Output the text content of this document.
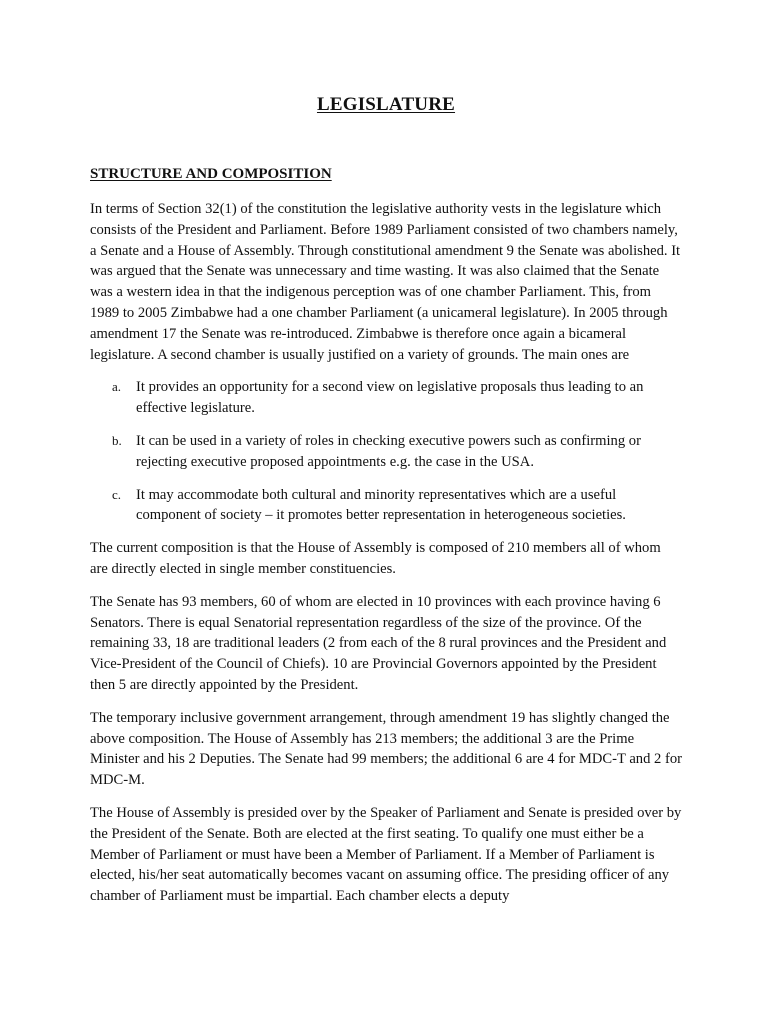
LEGISLATURE
STRUCTURE AND COMPOSITION

In terms of Section 32(1) of the constitution the legislative authority vests in the legislature which consists of the President and Parliament. Before 1989 Parliament consisted of two chambers namely, a Senate and a House of Assembly. Through constitutional amendment 9 the Senate was abolished. It was argued that the Senate was unnecessary and time wasting. It was also claimed that the Senate was a western idea in that the indigenous perception was of one chamber Parliament. This, from 1989 to 2005 Zimbabwe had a one chamber Parliament (a unicameral legislature). In 2005 through amendment 17 the Senate was re-introduced. Zimbabwe is therefore once again a bicameral legislature. A second chamber is usually justified on a variety of grounds. The main ones are

a. It provides an opportunity for a second view on legislative proposals thus leading to an effective legislature.
b. It can be used in a variety of roles in checking executive powers such as confirming or rejecting executive proposed appointments e.g. the case in the USA.
c. It may accommodate both cultural and minority representatives which are a useful component of society – it promotes better representation in heterogeneous societies.

The current composition is that the House of Assembly is composed of 210 members all of whom are directly elected in single member constituencies.

The Senate has 93 members, 60 of whom are elected in 10 provinces with each province having 6 Senators. There is equal Senatorial representation regardless of the size of the province. Of the remaining 33, 18 are traditional leaders (2 from each of the 8 rural provinces and the President and Vice-President of the Council of Chiefs). 10 are Provincial Governors appointed by the President then 5 are directly appointed by the President.

The temporary inclusive government arrangement, through amendment 19 has slightly changed the above composition. The House of Assembly has 213 members; the additional 3 are the Prime Minister and his 2 Deputies. The Senate had 99 members; the additional 6 are 4 for MDC-T and 2 for MDC-M.

The House of Assembly is presided over by the Speaker of Parliament and Senate is presided over by the President of the Senate. Both are elected at the first seating. To qualify one must either be a Member of Parliament or must have been a Member of Parliament. If a Member of Parliament is elected, his/her seat automatically becomes vacant on assuming office. The presiding officer of any chamber of Parliament must be impartial. Each chamber elects a deputy
